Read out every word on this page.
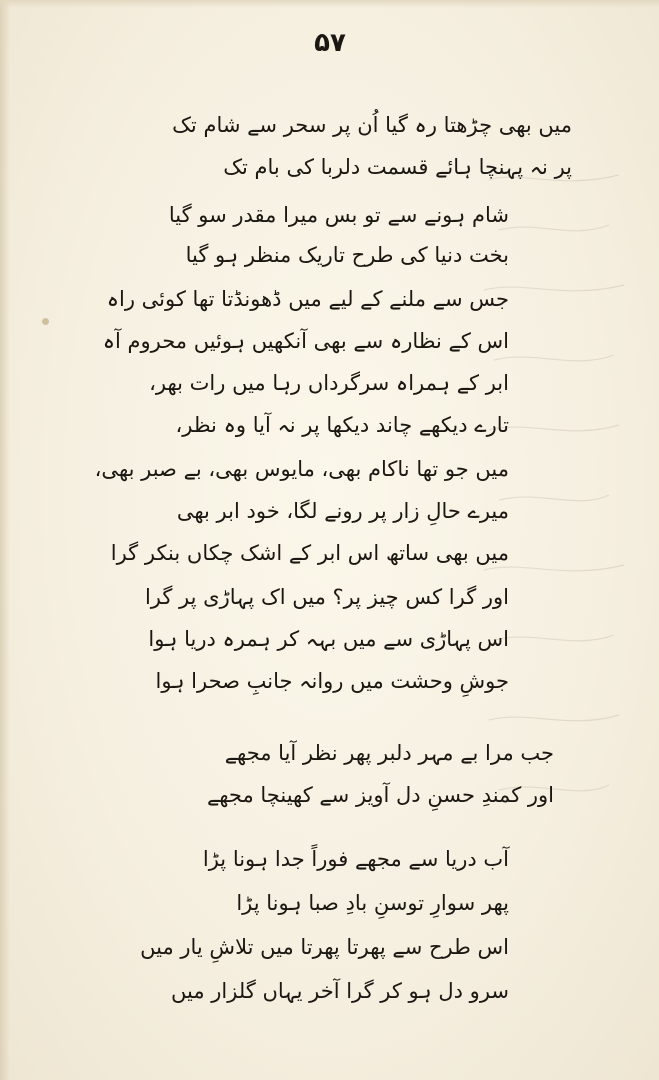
۵۷
میں بھی چڑھتا رہ گیا اُن پر سحر سے شام تک
پر نہ پہنچا ہائے قسمت دلربا کی بام تک
شام ہونے سے تو بس میرا مقدر سو گیا
بخت دنیا کی طرح تاریک منظر ہو گیا
جس سے ملنے کے لیے میں ڈھونڈتا تھا کوئی راہ
اس کے نظارہ سے بھی آنکھیں ہوئیں محروم آہ
ابر کے ہمراہ سرگرداں رہا میں رات بھر،
تارے دیکھے چاند دیکھا پر نہ آیا وہ نظر،
میں جو تھا ناکام بھی، مایوس بھی، بے صبر بھی،
میرے حالِ زار پر رونے لگا، خود ابر بھی
میں بھی ساتھ اس ابر کے اشک چکاں بنکر گرا
اور گرا کس چیز پر؟ میں اک پہاڑی پر گرا
اس پہاڑی سے میں بہہ کر ہمرہ دریا ہوا
جوشِ وحشت میں روانہ جانبِ صحرا ہوا
جب مرا بے مہر دلبر پھر نظر آیا مجھے
اور کمندِ حسنِ دل آویز سے کھینچا مجھے
آب دریا سے مجھے فوراً جدا ہونا پڑا
پھر سوارِ توسنِ بادِ صبا ہونا پڑا
اس طرح سے پھرتا پھرتا میں تلاشِ یار میں
سرو دل ہو کر گرا آخر یہاں گلزار میں
